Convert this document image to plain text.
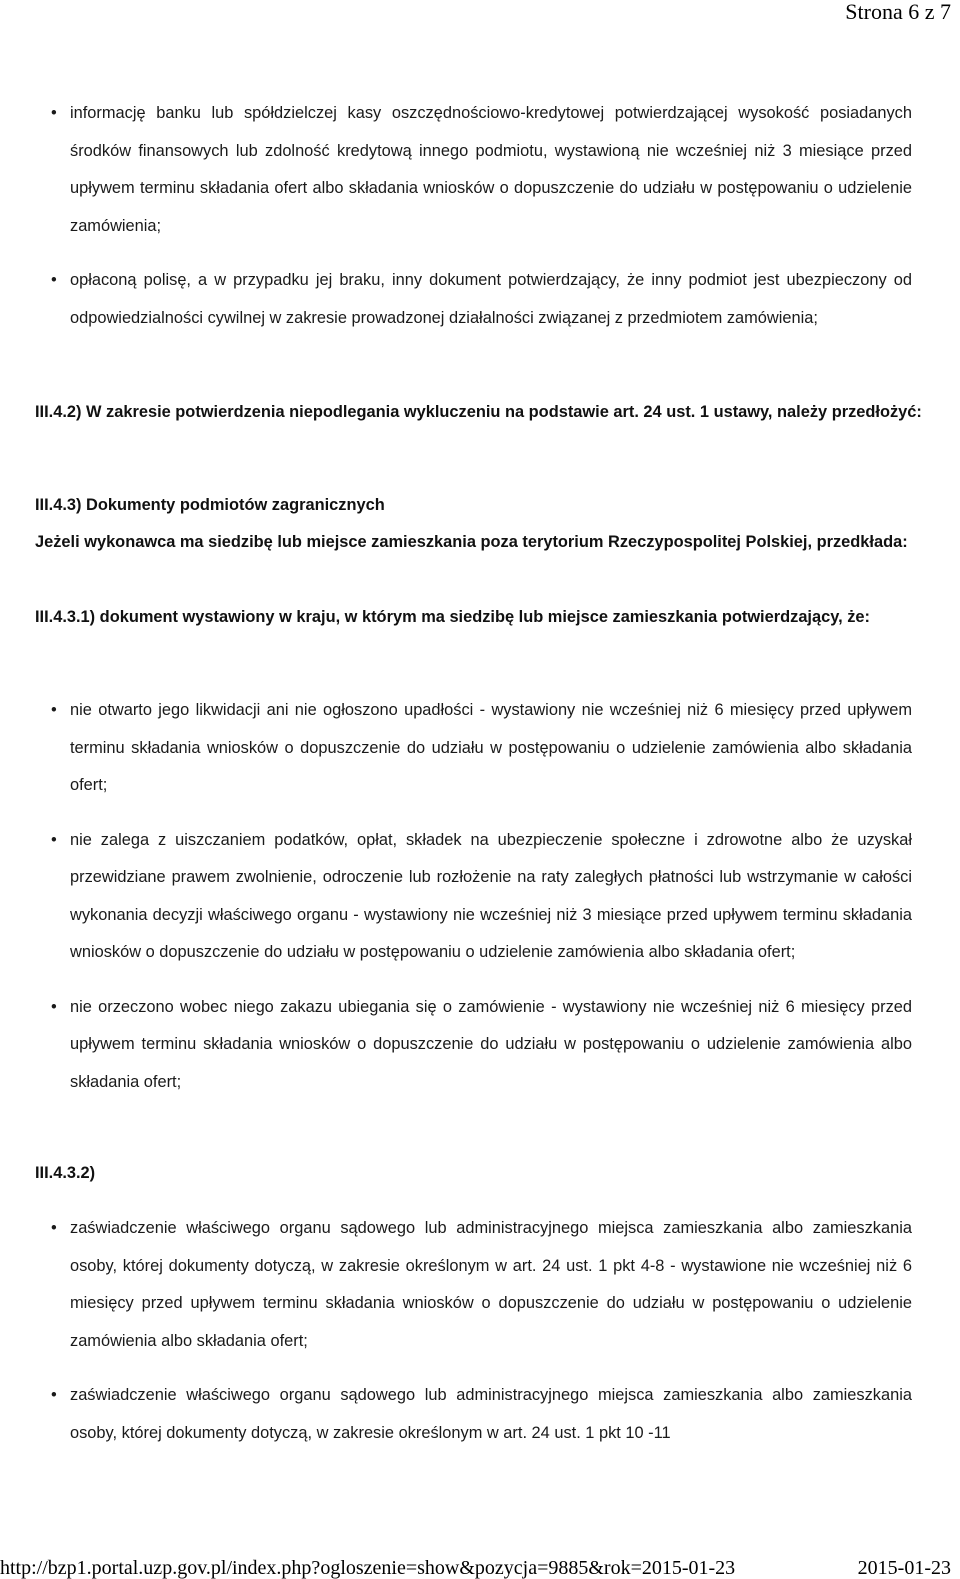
Strona 6 z 7
• informację banku lub spółdzielczej kasy oszczędnościowo-kredytowej potwierdzającej wysokość posiadanych środków finansowych lub zdolność kredytową innego podmiotu, wystawioną nie wcześniej niż 3 miesiące przed upływem terminu składania ofert albo składania wniosków o dopuszczenie do udziału w postępowaniu o udzielenie zamówienia;
• opłaconą polisę, a w przypadku jej braku, inny dokument potwierdzający, że inny podmiot jest ubezpieczony od odpowiedzialności cywilnej w zakresie prowadzonej działalności związanej z przedmiotem zamówienia;
III.4.2) W zakresie potwierdzenia niepodlegania wykluczeniu na podstawie art. 24 ust. 1 ustawy, należy przedłożyć:
III.4.3) Dokumenty podmiotów zagranicznych
Jeżeli wykonawca ma siedzibę lub miejsce zamieszkania poza terytorium Rzeczypospolitej Polskiej, przedkłada:
III.4.3.1) dokument wystawiony w kraju, w którym ma siedzibę lub miejsce zamieszkania potwierdzający, że:
• nie otwarto jego likwidacji ani nie ogłoszono upadłości - wystawiony nie wcześniej niż 6 miesięcy przed upływem terminu składania wniosków o dopuszczenie do udziału w postępowaniu o udzielenie zamówienia albo składania ofert;
• nie zalega z uiszczaniem podatków, opłat, składek na ubezpieczenie społeczne i zdrowotne albo że uzyskał przewidziane prawem zwolnienie, odroczenie lub rozłożenie na raty zaległych płatności lub wstrzymanie w całości wykonania decyzji właściwego organu - wystawiony nie wcześniej niż 3 miesiące przed upływem terminu składania wniosków o dopuszczenie do udziału w postępowaniu o udzielenie zamówienia albo składania ofert;
• nie orzeczono wobec niego zakazu ubiegania się o zamówienie - wystawiony nie wcześniej niż 6 miesięcy przed upływem terminu składania wniosków o dopuszczenie do udziału w postępowaniu o udzielenie zamówienia albo składania ofert;
III.4.3.2)
• zaświadczenie właściwego organu sądowego lub administracyjnego miejsca zamieszkania albo zamieszkania osoby, której dokumenty dotyczą, w zakresie określonym w art. 24 ust. 1 pkt 4-8 - wystawione nie wcześniej niż 6 miesięcy przed upływem terminu składania wniosków o dopuszczenie do udziału w postępowaniu o udzielenie zamówienia albo składania ofert;
• zaświadczenie właściwego organu sądowego lub administracyjnego miejsca zamieszkania albo zamieszkania osoby, której dokumenty dotyczą, w zakresie określonym w art. 24 ust. 1 pkt 10 -11
http://bzp1.portal.uzp.gov.pl/index.php?ogloszenie=show&pozycja=9885&rok=2015-01-23	2015-01-23
